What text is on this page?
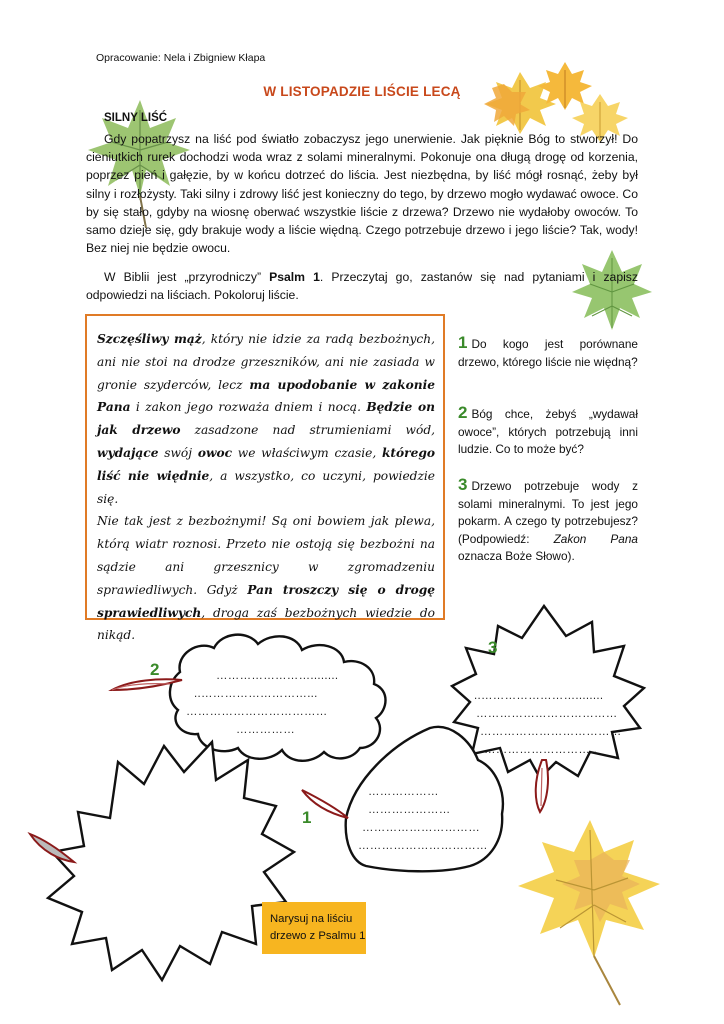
Opracowanie: Nela i Zbigniew Kłapa
W LISTOPADZIE LIŚCIE LECĄ
SILNY LIŚĆ
Gdy popatrzysz na liść pod światło zobaczysz jego unerwienie. Jak pięknie Bóg to stworzył! Do cieniutkich rurek dochodzi woda wraz z solami mineralnymi. Pokonuje ona długą drogę od korzenia, poprzez pień i gałęzie, by w końcu dotrzeć do liścia. Jest niezbędna, by liść mógł rosnąć, żeby był silny i rozłożysty. Taki silny i zdrowy liść jest konieczny do tego, by drzewo mogło wydawać owoce. Co by się stało, gdyby na wiosnę oberwać wszystkie liście z drzewa? Drzewo nie wydałoby owoców. To samo dzieje się, gdy brakuje wody a liście więdną. Czego potrzebuje drzewo i jego liście? Tak, wody! Bez niej nie będzie owocu.
W Biblii jest „przyrodniczy” Psalm 1. Przeczytaj go, zastanów się nad pytaniami i zapisz odpowiedzi na liściach. Pokoloruj liście.
Szczęśliwy mąż, który nie idzie za radą bezbożnych, ani nie stoi na drodze grzeszników, ani nie zasiada w gronie szyderców, lecz ma upodobanie w zakonie Pana i zakon jego rozważa dniem i nocą. Będzie on jak drzewo zasadzone nad strumieniami wód, wydające swój owoc we właściwym czasie, którego liść nie więdnie, a wszystko, co uczyni, powiedzie się.
Nie tak jest z bezbożnymi! Są oni bowiem jak plewa, którą wiatr roznosi. Przeto nie ostoją się bezbożni na sądzie ani grzesznicy w zgromadzeniu sprawiedliwych. Gdyż Pan troszczy się o drogę sprawiedliwych, droga zaś bezbożnych wiedzie do nikąd.
1 Do kogo jest porównane drzewo, którego liście nie więdną?
2 Bóg chce, żebyś „wydawał owoce”, których potrzebują inni ludzie. Co to może być?
3 Drzewo potrzebuje wody z solami mineralnymi. To jest jego pokarm. A czego ty potrzebujesz? (Podpowiedź: Zakon Pana oznacza Boże Słowo).
2	……………………........
..………………………...
………………………………
……………
3
..……………………........
………………………………
………………………………
………………………..
1
………………
…………………
…………………………
……………………………
Narysuj na liściu
drzewo z Psalmu 1
